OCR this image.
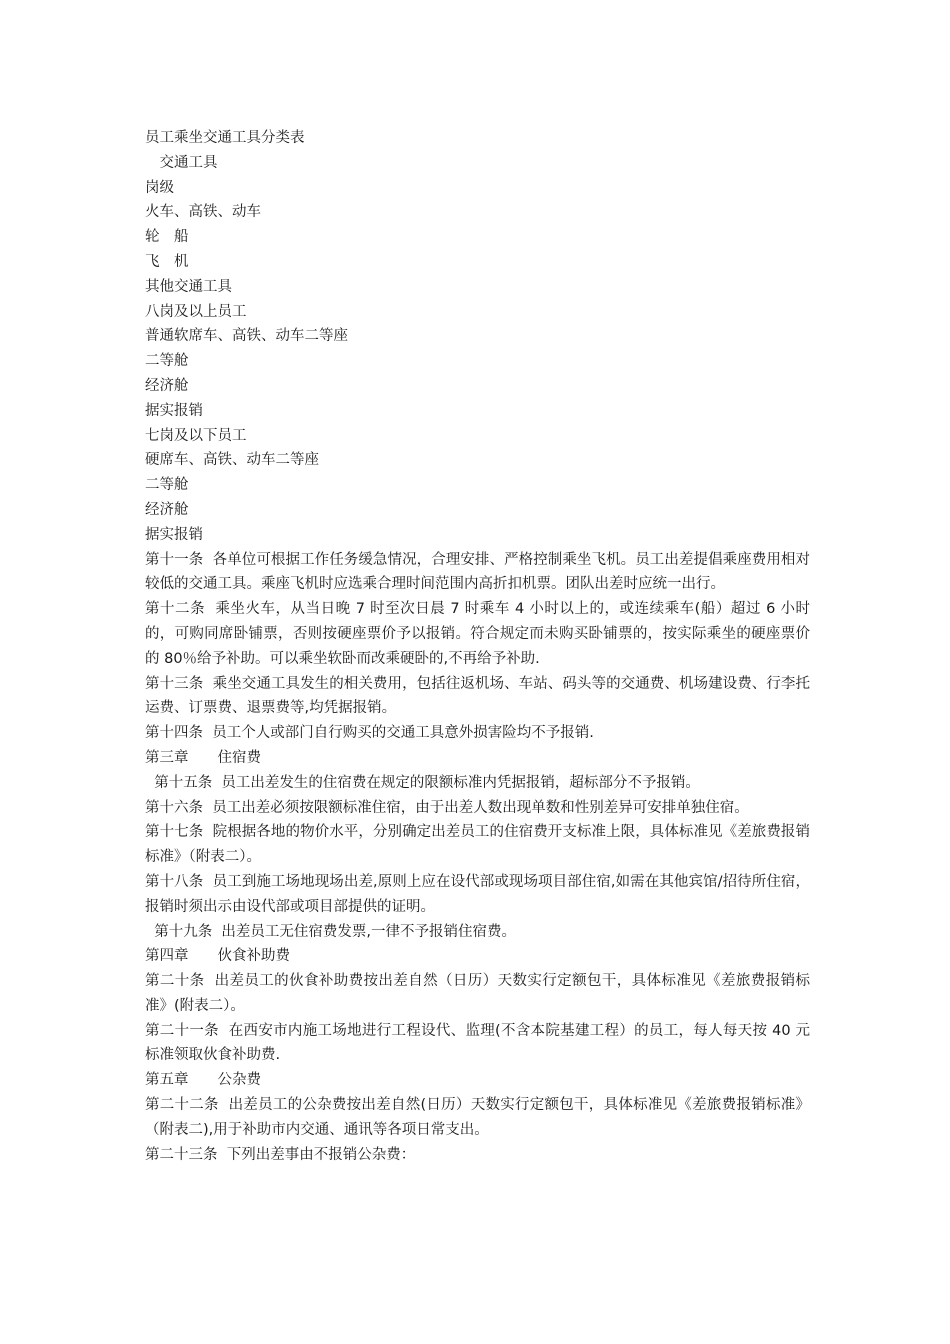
员工乘坐交通工具分类表

　交通工具

岗级

火车、高铁、动车

轮　船

飞　机

其他交通工具

八岗及以上员工

普通软席车、高铁、动车二等座

二等舱

经济舱

据实报销

七岗及以下员工

硬席车、高铁、动车二等座

二等舱

经济舱

据实报销

第十一条  各单位可根据工作任务缓急情况，合理安排、严格控制乘坐飞机。员工出差提倡乘座费用相对较低的交通工具。乘座飞机时应选乘合理时间范围内高折扣机票。团队出差时应统一出行。

第十二条  乘坐火车，从当日晚 7 时至次日晨 7 时乘车 4 小时以上的，或连续乘车(船）超过 6 小时的，可购同席卧铺票，否则按硬座票价予以报销。符合规定而未购买卧铺票的，按实际乘坐的硬座票价的 80％给予补助。可以乘坐软卧而改乘硬卧的,不再给予补助.

第十三条  乘坐交通工具发生的相关费用，包括往返机场、车站、码头等的交通费、机场建设费、行李托运费、订票费、退票费等,均凭据报销。

第十四条  员工个人或部门自行购买的交通工具意外损害险均不予报销.

第三章　　住宿费

第十五条  员工出差发生的住宿费在规定的限额标准内凭据报销，超标部分不予报销。

第十六条  员工出差必须按限额标准住宿，由于出差人数出现单数和性别差异可安排单独住宿。

第十七条  院根据各地的物价水平，分别确定出差员工的住宿费开支标准上限，具体标准见《差旅费报销标准》（附表二）。

第十八条  员工到施工场地现场出差,原则上应在设代部或现场项目部住宿,如需在其他宾馆/招待所住宿，报销时须出示由设代部或项目部提供的证明。

第十九条  出差员工无住宿费发票,一律不予报销住宿费。

第四章　　伙食补助费

第二十条  出差员工的伙食补助费按出差自然（日历）天数实行定额包干，具体标准见《差旅费报销标准》(附表二）。

第二十一条  在西安市内施工场地进行工程设代、监理(不含本院基建工程）的员工，每人每天按 40 元标准领取伙食补助费.

第五章　　公杂费

第二十二条  出差员工的公杂费按出差自然(日历）天数实行定额包干，具体标准见《差旅费报销标准》（附表二),用于补助市内交通、通讯等各项日常支出。

第二十三条  下列出差事由不报销公杂费：
